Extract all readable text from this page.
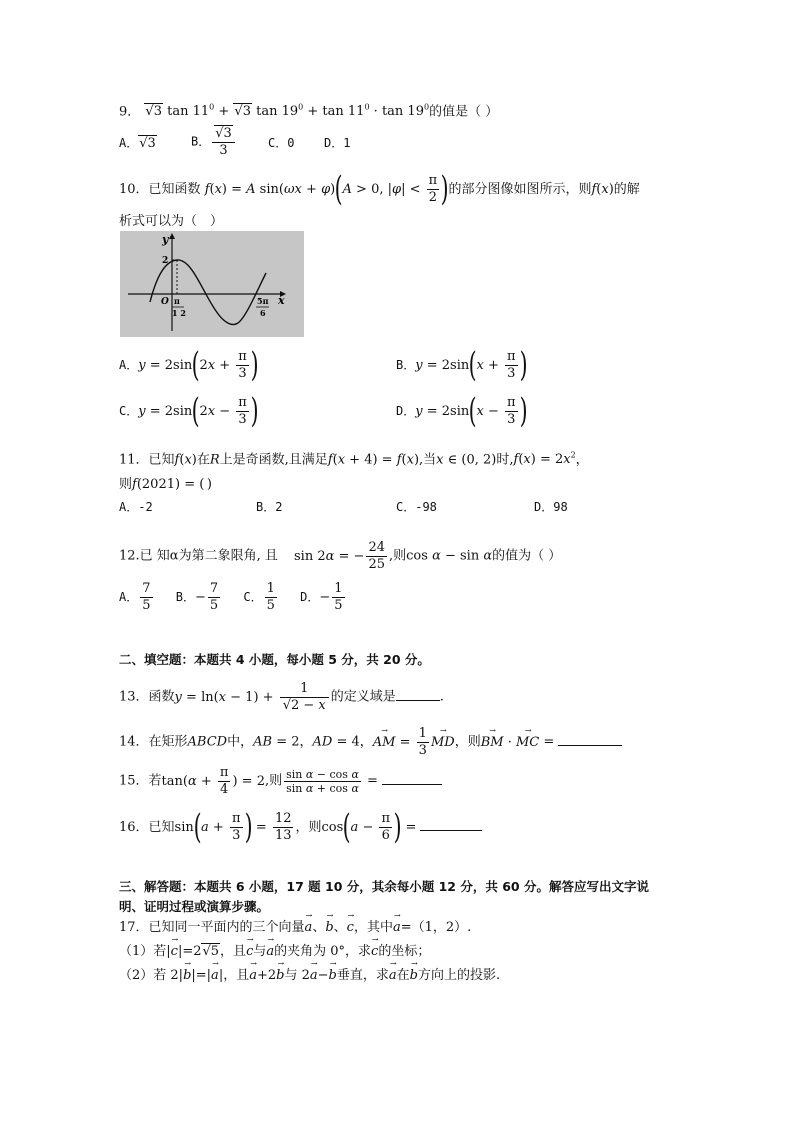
9． √3 $\tan 11^0 + √3$ $\tan 19^0 + \tan 11^0 \cdot \tan 19^0$的值是（ ）
A．√3	B． $\frac{√3}{3}$	C．0 D．1
10．已知函数 f(x) = A sin(ωx + φ)(A > 0, $|\varphi| < \frac{\pi}{2}$ )的部分图像如图所示，则f(x)的解
析式可以为（　）
y
x
O
2
π
1 2
5π
6
A．$y = 2\sin(2x + \frac{\pi}{3}$ )	B．$y = 2\sin(x + \frac{\pi}{3}$ )
C．$y = 2\sin(2x - \frac{\pi}{3}$ )	D．$y = 2\sin(x - \frac{\pi}{3}$ )
11．已知f(x)在R上是奇函数,且满足f(x + 4) = f(x),当x ∈ (0, 2)时$,f(x) = 2x^2$，
则f(2021) = ( )
A．-2	B．2	C．-98	D．98
12.已 知α为第二象限角, 且 sin 2α = − $\frac{24}{25}$ ,则cos α − sin α的值为（ ）
A． $\frac{7}{5}$ B．− $\frac{7}{5}$ C． $\frac{1}{5}$ D．− $\frac{1}{5}$
二、填空题：本题共 4 小题，每小题 5 分，共 20 分。
13．函数$y = \ln(x - 1) + \frac{1}{√2 - x}$ 的定义域是	.
14．在矩形ABCD中，AB = 2，AD = 4，AM
→
= $\frac{1}{3}$ MD
→
，则BM
→
· MC
→
=
15．若$\tan(\alpha + \frac{\pi}{4}$ ) = 2,则 $\frac{\text{sin α − cos α}}{\text{sin α + cos α}}$ =
16．已知$\sin(a + \frac{\pi}{3}$ ) = $\frac{12}{13}$ ，则$\cos(a - \frac{\pi}{6}$ ) =
三、解答题：本题共 6 小题，17 题 10 分，其余每小题 12 分，共 60 分。解答应写出文字说
明、证明过程或演算步骤。
17．已知同一平面内的三个向量a
→
、b
→
、c
→
，其中a
→
=（1，2）.
（1）若|c
→
|=2√5，且c
→
与a
→
的夹角为 0°，求c
→
的坐标；
（2）若 2|b
→
|=|a
→
|，且a
→
+2b
→
与 2a
→
−b
→
垂直，求a
→
在b
→
方向上的投影.
